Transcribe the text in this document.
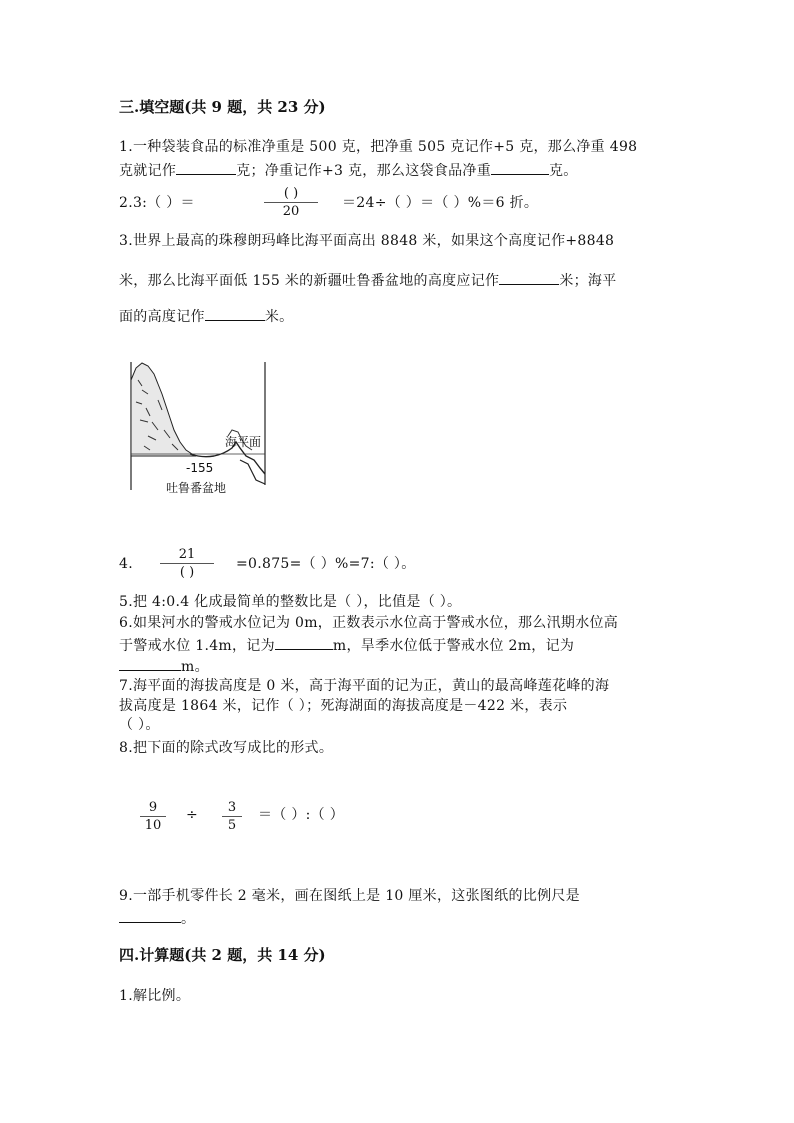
三.填空题(共 9 题，共 23 分)
1.一种袋装食品的标准净重是 500 克，把净重 505 克记作+5 克，那么净重 498
克就记作	克；净重记作+3 克，那么这袋食品净重	克。
2.3:（ ）＝
( )
20
＝24÷（ ）＝（ ）%＝6 折。
3.世界上最高的珠穆朗玛峰比海平面高出 8848 米，如果这个高度记作+8848
米，那么比海平面低 155 米的新疆吐鲁番盆地的高度应记作	米；海平
面的高度记作	米。
海平面
-155
吐鲁番盆地
4.
21
( )
=0.875=（ ）%=7:（ ）。
5.把 4:0.4 化成最简单的整数比是（ ），比值是（ ）。
6.如果河水的警戒水位记为 0m，正数表示水位高于警戒水位，那么汛期水位高
于警戒水位 1.4m，记为	m，旱季水位低于警戒水位 2m，记为
m。
7.海平面的海拔高度是 0 米，高于海平面的记为正，黄山的最高峰莲花峰的海
拔高度是 1864 米，记作（ ）；死海湖面的海拔高度是－422 米，表示
（ ）。
8.把下面的除式改写成比的形式。
9
10
÷	3
5
＝（ ）:（ ）
9.一部手机零件长 2 毫米，画在图纸上是 10 厘米，这张图纸的比例尺是
。
四.计算题(共 2 题，共 14 分)
1.解比例。
